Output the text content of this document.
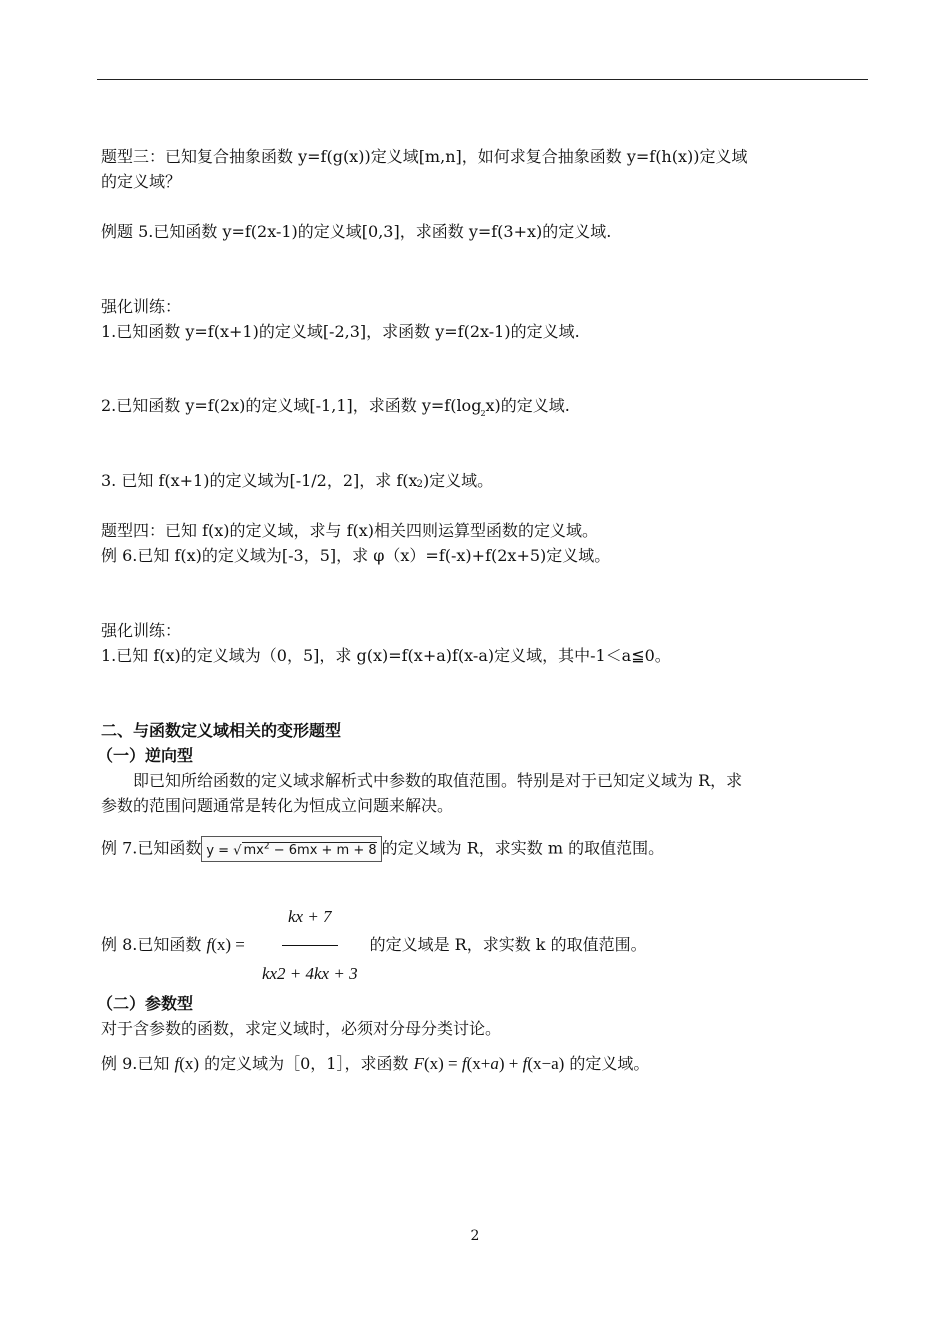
题型三：已知复合抽象函数 y=f(g(x))定义域[m,n]，如何求复合抽象函数 y=f(h(x))定义域
的定义域？
例题 5.已知函数 y=f(2x-1)的定义域[0,3]，求函数 y=f(3+x)的定义域.
强化训练：
1.已知函数 y=f(x+1)的定义域[-2,3]，求函数 y=f(2x-1)的定义域.
2.已知函数 y=f(2x)的定义域[-1,1]，求函数 $y=f(\log_2x)$的定义域.
3. 已知 f(x+1)的定义域为[-1/2，2]，求 f(x2)定义域。
题型四：已知 f(x)的定义域，求与 f(x)相关四则运算型函数的定义域。
例 6.已知 f(x)的定义域为[-3，5]，求 φ（x）=f(-x)+f(2x+5)定义域。
强化训练：
1.已知 f(x)的定义域为（0，5]，求 g(x)=f(x+a)f(x-a)定义域，其中-1＜a≦0。
二、与函数定义域相关的变形题型
（一）逆向型
即已知所给函数的定义域求解析式中参数的取值范围。特别是对于已知定义域为 R，求
参数的范围问题通常是转化为恒成立问题来解决。
例 7.已知函数 y = √ $mx^2 - 6mx + m + 8$ 的定义域为 R，求实数 m 的取值范围。
例 8.已知函数 $f(x) = \frac{kx + 7}{kx2 + 4kx + 3}$ 的定义域是 R，求实数 k 的取值范围。
（二）参数型
对于含参数的函数，求定义域时，必须对分母分类讨论。
例 9.已知 f(x) 的定义域为［0，1］，求函数 F(x) = f(x+a) + f(x−a) 的定义域。
2
